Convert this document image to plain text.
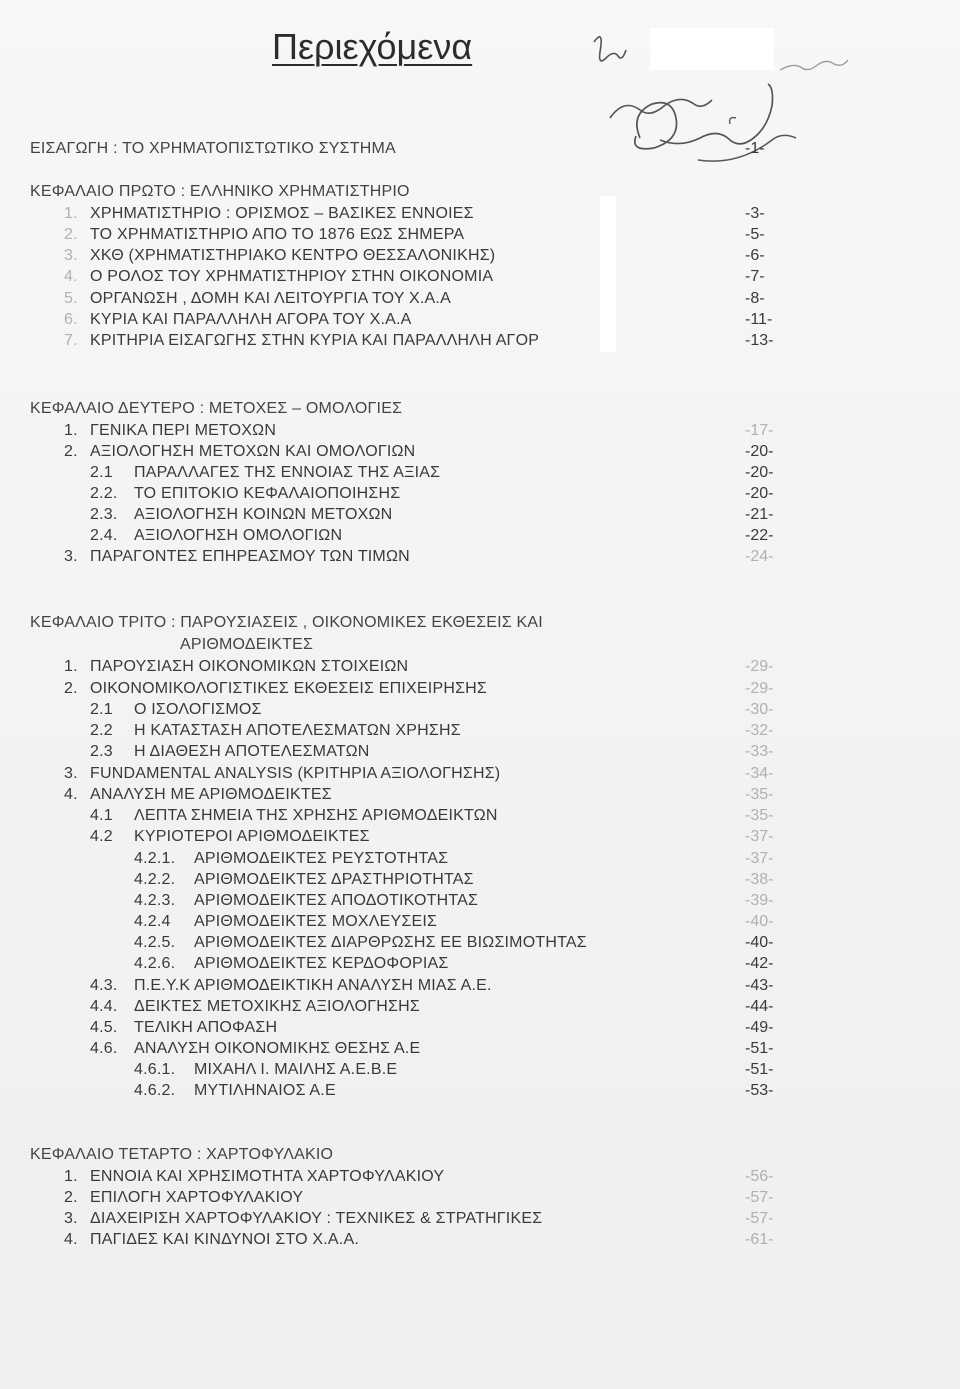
Περιεχόμενα
ΕΙΣΑΓΩΓΗ : ΤΟ ΧΡΗΜΑΤΟΠΙΣΤΩΤΙΚΟ ΣΥΣΤΗΜΑ	-1-
ΚΕΦΑΛΑΙΟ ΠΡΩΤΟ : ΕΛΛΗΝΙΚΟ ΧΡΗΜΑΤΙΣΤΗΡΙΟ
1. ΧΡΗΜΑΤΙΣΤΗΡΙΟ : ΟΡΙΣΜΟΣ – ΒΑΣΙΚΕΣ ΕΝΝΟΙΕΣ	-3-
2. ΤΟ ΧΡΗΜΑΤΙΣΤΗΡΙΟ ΑΠΟ ΤΟ 1876 ΕΩΣ ΣΗΜΕΡΑ	-5-
3. ΧΚΘ (ΧΡΗΜΑΤΙΣΤΗΡΙΑΚΟ ΚΕΝΤΡΟ ΘΕΣΣΑΛΟΝΙΚΗΣ)	-6-
4. Ο ΡΟΛΟΣ ΤΟΥ ΧΡΗΜΑΤΙΣΤΗΡΙΟΥ ΣΤΗΝ ΟΙΚΟΝΟΜΙΑ	-7-
5. ΟΡΓΑΝΩΣΗ , ΔΟΜΗ ΚΑΙ ΛΕΙΤΟΥΡΓΙΑ ΤΟΥ Χ.Α.Α	-8-
6. ΚΥΡΙΑ ΚΑΙ ΠΑΡΑΛΛΗΛΗ ΑΓΟΡΑ ΤΟΥ Χ.Α.Α	-11-
7. ΚΡΙΤΗΡΙΑ ΕΙΣΑΓΩΓΗΣ ΣΤΗΝ ΚΥΡΙΑ ΚΑΙ ΠΑΡΑΛΛΗΛΗ ΑΓΟΡ	-13-
ΚΕΦΑΛΑΙΟ ΔΕΥΤΕΡΟ : ΜΕΤΟΧΕΣ – ΟΜΟΛΟΓΙΕΣ
1. ΓΕΝΙΚΑ ΠΕΡΙ ΜΕΤΟΧΩΝ	-17-
2. ΑΞΙΟΛΟΓΗΣΗ ΜΕΤΟΧΩΝ ΚΑΙ ΟΜΟΛΟΓΙΩΝ	-20-
2.1 ΠΑΡΑΛΛΑΓΕΣ ΤΗΣ ΕΝΝΟΙΑΣ ΤΗΣ ΑΞΙΑΣ	-20-
2.2. ΤΟ ΕΠΙΤΟΚΙΟ ΚΕΦΑΛΑΙΟΠΟΙΗΣΗΣ	-20-
2.3. ΑΞΙΟΛΟΓΗΣΗ ΚΟΙΝΩΝ ΜΕΤΟΧΩΝ	-21-
2.4. ΑΞΙΟΛΟΓΗΣΗ ΟΜΟΛΟΓΙΩΝ	-22-
3. ΠΑΡΑΓΟΝΤΕΣ ΕΠΗΡΕΑΣΜΟΥ ΤΩΝ ΤΙΜΩΝ	-24-
ΚΕΦΑΛΑΙΟ ΤΡΙΤΟ : ΠΑΡΟΥΣΙΑΣΕΙΣ , ΟΙΚΟΝΟΜΙΚΕΣ ΕΚΘΕΣΕΙΣ ΚΑΙ
ΑΡΙΘΜΟΔΕΙΚΤΕΣ
1. ΠΑΡΟΥΣΙΑΣΗ ΟΙΚΟΝΟΜΙΚΩΝ ΣΤΟΙΧΕΙΩΝ	-29-
2. ΟΙΚΟΝΟΜΙΚΟΛΟΓΙΣΤΙΚΕΣ ΕΚΘΕΣΕΙΣ ΕΠΙΧΕΙΡΗΣΗΣ	-29-
2.1 Ο ΙΣΟΛΟΓΙΣΜΟΣ	-30-
2.2 Η ΚΑΤΑΣΤΑΣΗ ΑΠΟΤΕΛΕΣΜΑΤΩΝ ΧΡΗΣΗΣ	-32-
2.3 Η ΔΙΑΘΕΣΗ ΑΠΟΤΕΛΕΣΜΑΤΩΝ	-33-
3. FUNDAMENTAL ANALYSIS (ΚΡΙΤΗΡΙΑ ΑΞΙΟΛΟΓΗΣΗΣ)	-34-
4. ΑΝΑΛΥΣΗ ΜΕ ΑΡΙΘΜΟΔΕΙΚΤΕΣ	-35-
4.1 ΛΕΠΤΑ ΣΗΜΕΙΑ ΤΗΣ ΧΡΗΣΗΣ ΑΡΙΘΜΟΔΕΙΚΤΩΝ	-35-
4.2 ΚΥΡΙΟΤΕΡΟΙ ΑΡΙΘΜΟΔΕΙΚΤΕΣ	-37-
4.2.1. ΑΡΙΘΜΟΔΕΙΚΤΕΣ ΡΕΥΣΤΟΤΗΤΑΣ	-37-
4.2.2. ΑΡΙΘΜΟΔΕΙΚΤΕΣ ΔΡΑΣΤΗΡΙΟΤΗΤΑΣ	-38-
4.2.3. ΑΡΙΘΜΟΔΕΙΚΤΕΣ ΑΠΟΔΟΤΙΚΟΤΗΤΑΣ	-39-
4.2.4 ΑΡΙΘΜΟΔΕΙΚΤΕΣ ΜΟΧΛΕΥΣΕΙΣ	-40-
4.2.5. ΑΡΙΘΜΟΔΕΙΚΤΕΣ ΔΙΑΡΘΡΩΣΗΣ ΕΕ ΒΙΩΣΙΜΟΤΗΤΑΣ	-40-
4.2.6. ΑΡΙΘΜΟΔΕΙΚΤΕΣ ΚΕΡΔΟΦΟΡΙΑΣ	-42-
4.3. Π.Ε.Υ.Κ ΑΡΙΘΜΟΔΕΙΚΤΙΚΗ ΑΝΑΛΥΣΗ ΜΙΑΣ Α.Ε.	-43-
4.4. ΔΕΙΚΤΕΣ ΜΕΤΟΧΙΚΗΣ ΑΞΙΟΛΟΓΗΣΗΣ	-44-
4.5. ΤΕΛΙΚΗ ΑΠΟΦΑΣΗ	-49-
4.6. ΑΝΑΛΥΣΗ ΟΙΚΟΝΟΜΙΚΗΣ ΘΕΣΗΣ Α.Ε	-51-
4.6.1. ΜΙΧΑΗΛ Ι. ΜΑΙΛΗΣ Α.Ε.Β.Ε	-51-
4.6.2. ΜΥΤΙΛΗΝΑΙΟΣ Α.Ε	-53-
ΚΕΦΑΛΑΙΟ ΤΕΤΑΡΤΟ : ΧΑΡΤΟΦΥΛΑΚΙΟ
1. ΕΝΝΟΙΑ ΚΑΙ ΧΡΗΣΙΜΟΤΗΤΑ ΧΑΡΤΟΦΥΛΑΚΙΟΥ	-56-
2. ΕΠΙΛΟΓΗ ΧΑΡΤΟΦΥΛΑΚΙΟΥ	-57-
3. ΔΙΑΧΕΙΡΙΣΗ ΧΑΡΤΟΦΥΛΑΚΙΟΥ : ΤΕΧΝΙΚΕΣ & ΣΤΡΑΤΗΓΙΚΕΣ	-57-
4. ΠΑΓΙΔΕΣ ΚΑΙ ΚΙΝΔΥΝΟΙ ΣΤΟ Χ.Α.Α.	-61-
